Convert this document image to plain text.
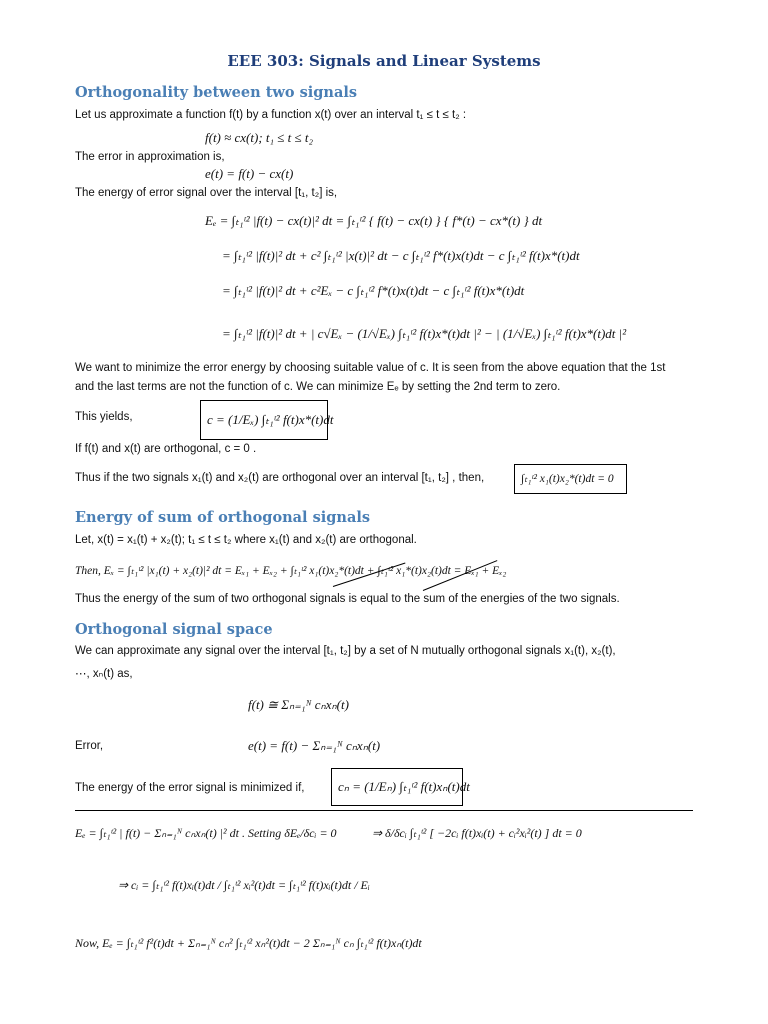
EEE 303: Signals and Linear Systems
Orthogonality between two signals
Let us approximate a function f(t) by a function x(t) over an interval t₁ ≤ t ≤ t₂ :
f(t) ≈ cx(t); t₁ ≤ t ≤ t₂
The error in approximation is,
e(t) = f(t) − cx(t)
The energy of error signal over the interval [t₁, t₂] is,
Eₑ = ∫ₜ₁ᵗ² |f(t) − cx(t)|² dt = ∫ₜ₁ᵗ² { f(t) − cx(t) } { f*(t) − cx*(t) } dt
= ∫ₜ₁ᵗ² |f(t)|² dt + c² ∫ₜ₁ᵗ² |x(t)|² dt − c ∫ₜ₁ᵗ² f*(t)x(t)dt − c ∫ₜ₁ᵗ² f(t)x*(t)dt
= ∫ₜ₁ᵗ² |f(t)|² dt + c²Eₓ − c ∫ₜ₁ᵗ² f*(t)x(t)dt − c ∫ₜ₁ᵗ² f(t)x*(t)dt
= ∫ₜ₁ᵗ² |f(t)|² dt + | c√Eₓ − (1/√Eₓ) ∫ₜ₁ᵗ² f(t)x*(t)dt |² − | (1/√Eₓ) ∫ₜ₁ᵗ² f(t)x*(t)dt |²
We want to minimize the error energy by choosing suitable value of c. It is seen from the above equation that the 1st
and the last terms are not the function of c. We can minimize Eₑ by setting the 2nd term to zero.
This yields,	c = (1/Eₓ) ∫ₜ₁ᵗ² f(t)x*(t)dt
If f(t) and x(t) are orthogonal, c = 0 .
Thus if the two signals x₁(t) and x₂(t) are orthogonal over an interval [t₁, t₂] , then,	∫ₜ₁ᵗ² x₁(t)x₂*(t)dt = 0
Energy of sum of orthogonal signals
Let, x(t) = x₁(t) + x₂(t); t₁ ≤ t ≤ t₂ where x₁(t) and x₂(t) are orthogonal.
Then, Eₓ = ∫ₜ₁ᵗ² |x₁(t) + x₂(t)|² dt = Eₓ₁ + Eₓ₂ + ∫ₜ₁ᵗ² x₁(t)x₂*(t)dt + ∫ₜ₁ᵗ² x₁*(t)x₂(t)dt = Eₓ₁ + Eₓ₂
Thus the energy of the sum of two orthogonal signals is equal to the sum of the energies of the two signals.
Orthogonal signal space
We can approximate any signal over the interval [t₁, t₂] by a set of N mutually orthogonal signals x₁(t), x₂(t),
⋯, xₙ(t) as,
f(t) ≅ Σₙ₌₁ᴺ cₙxₙ(t)
Error,	e(t) = f(t) − Σₙ₌₁ᴺ cₙxₙ(t)
The energy of the error signal is minimized if,	cₙ = (1/Eₙ) ∫ₜ₁ᵗ² f(t)xₙ(t)dt
Eₑ = ∫ₜ₁ᵗ² | f(t) − Σₙ₌₁ᴺ cₙxₙ(t) |² dt . Setting δEₑ/δcᵢ = 0	⇒ δ/δcᵢ ∫ₜ₁ᵗ² [ −2cᵢ f(t)xᵢ(t) + cᵢ²xᵢ²(t) ] dt = 0
⇒ cᵢ = ∫ₜ₁ᵗ² f(t)xᵢ(t)dt / ∫ₜ₁ᵗ² xᵢ²(t)dt = ∫ₜ₁ᵗ² f(t)xᵢ(t)dt / Eᵢ
Now, Eₑ = ∫ₜ₁ᵗ² f²(t)dt + Σₙ₌₁ᴺ cₙ² ∫ₜ₁ᵗ² xₙ²(t)dt − 2 Σₙ₌₁ᴺ cₙ ∫ₜ₁ᵗ² f(t)xₙ(t)dt
